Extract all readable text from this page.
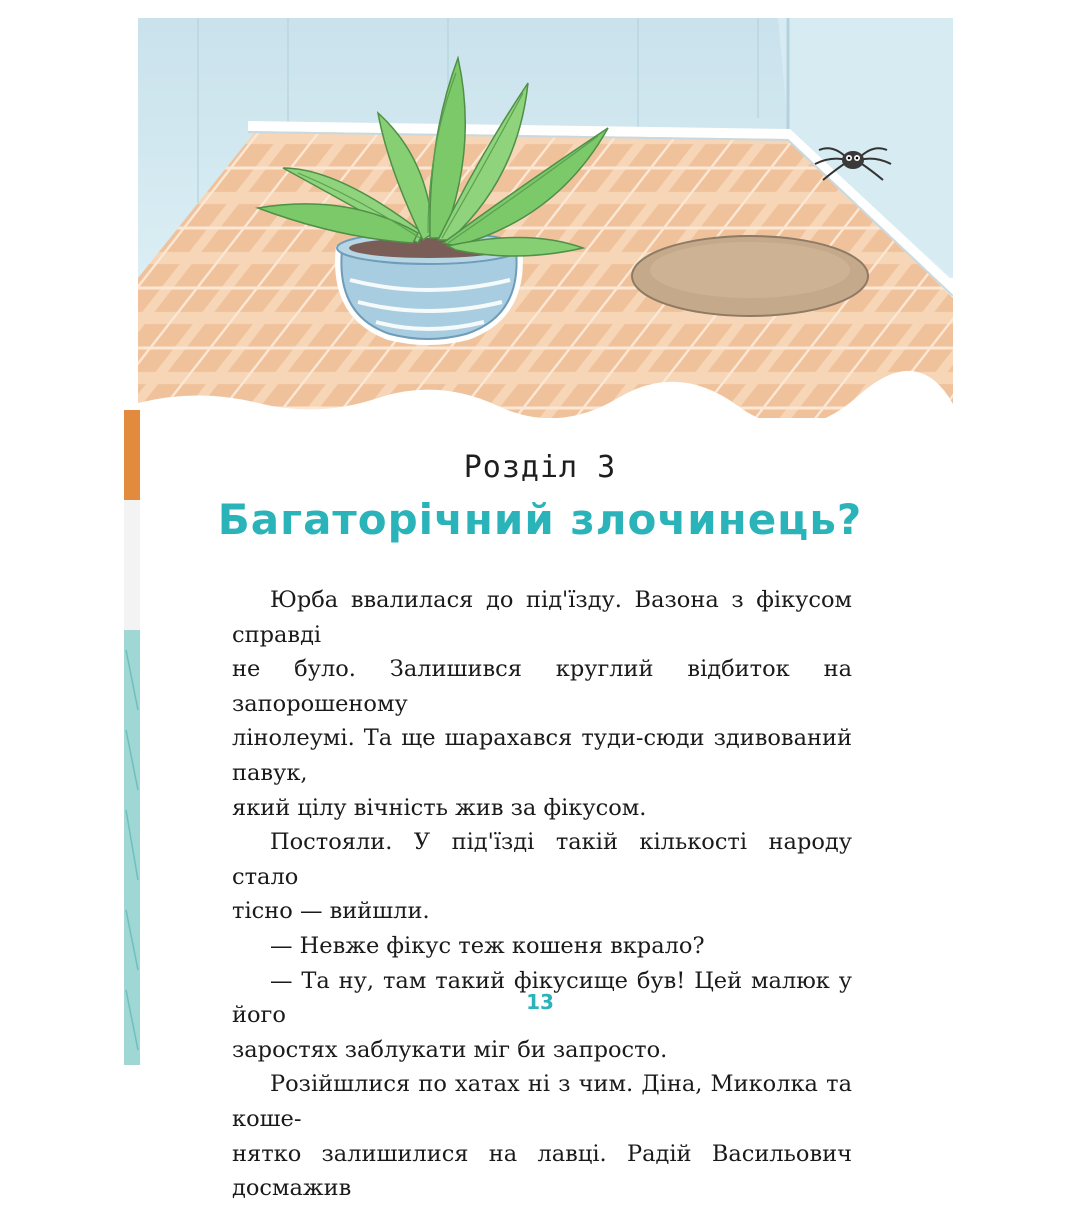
Розділ 3
Багаторічний злочинець?
Юрба ввалилася до під'їзду. Вазона з фікусом справді
не було. Залишився круглий відбиток на запорошеному
лінолеумі. Та ще шарахався туди-сюди здивований павук,
який цілу вічність жив за фікусом.
Постояли. У під'їзді такій кількості народу стало
тісно — вийшли.
— Невже фікус теж кошеня вкрало?
— Та ну, там такий фікусище був! Цей малюк у його
заростях заблукати міг би запросто.
Розійшлися по хатах ні з чим. Діна, Миколка та коше-
нятко залишилися на лавці. Радій Васильович досмажив
13
